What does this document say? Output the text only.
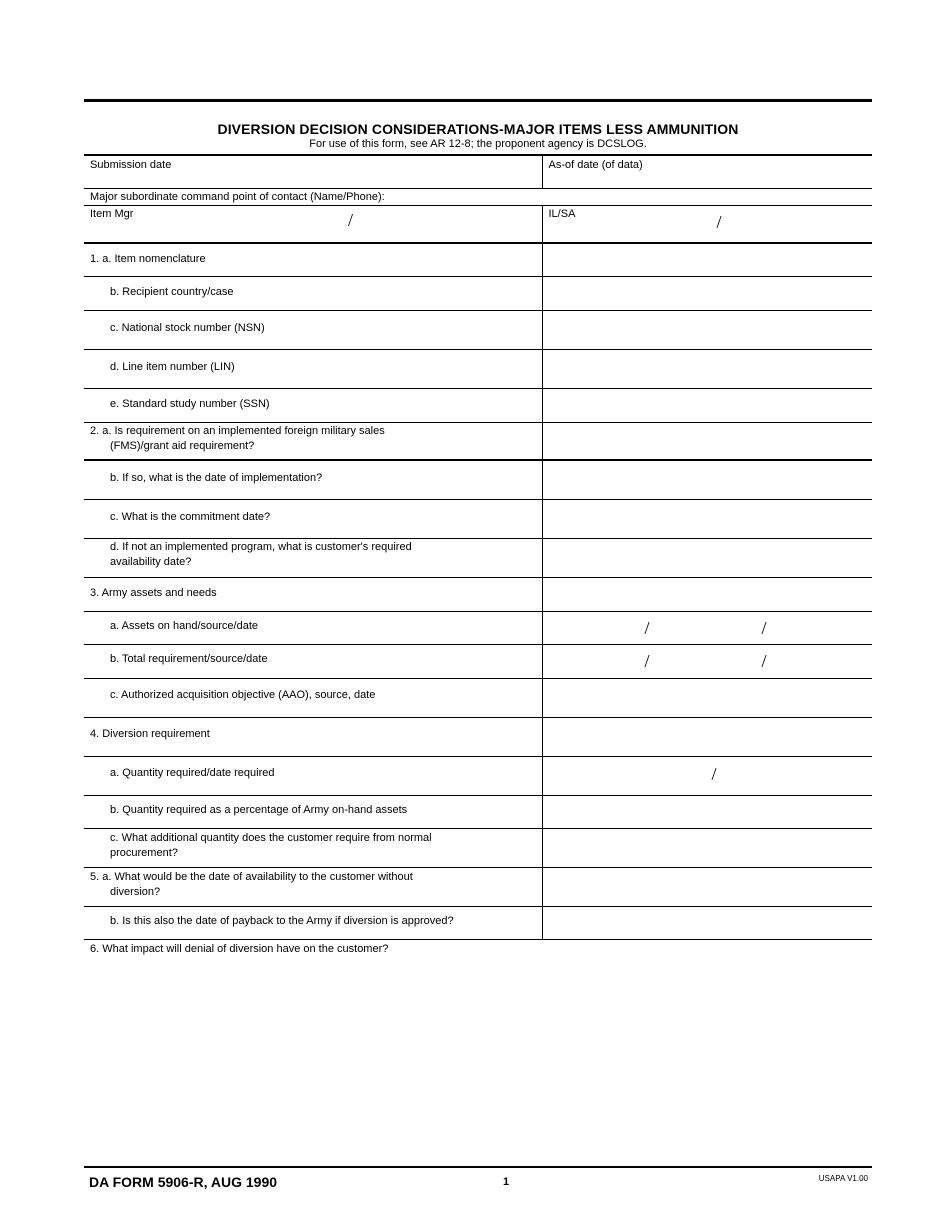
DIVERSION DECISION CONSIDERATIONS-MAJOR ITEMS LESS AMMUNITION
For use of this form, see AR 12-8; the proponent agency is DCSLOG.
Submission date	As-of date (of data)

Major subordinate command point of contact (Name/Phone):	

Item Mgr /	IL/SA /

1. a. Item nomenclature	

b. Recipient country/case	

c. National stock number (NSN)	

d. Line item number (LIN)	

e. Standard study number (SSN)	

2. a. Is requirement on an implemented foreign military sales
(FMS)/grant aid requirement?	

b. If so, what is the date of implementation?	

c. What is the commitment date?	

d. If not an implemented program, what is customer's required
availability date?	

3. Army assets and needs	

a. Assets on hand/source/date	/ /

b. Total requirement/source/date	/ /

c. Authorized acquisition objective (AAO), source, date	

4. Diversion requirement	

a. Quantity required/date required	/

b. Quantity required as a percentage of Army on-hand assets	

c. What additional quantity does the customer require from normal
procurement?	

5. a. What would be the date of availability to the customer without
diversion?	

b. Is this also the date of payback to the Army if diversion is approved?	

6. What impact will denial of diversion have on the customer?	
DA FORM 5906-R, AUG 1990	1	USAPA V1.00
